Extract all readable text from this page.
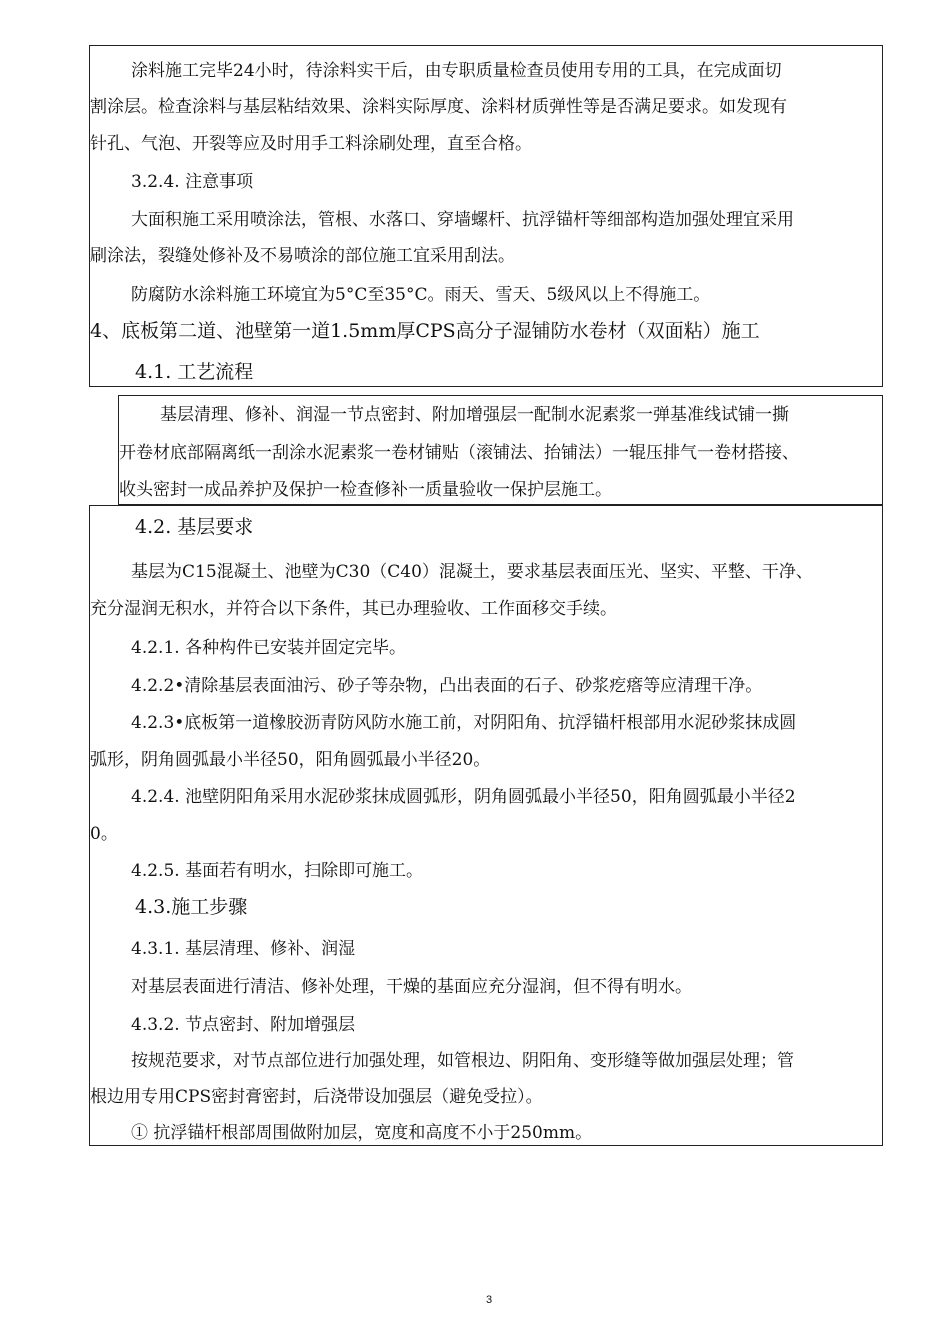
涂料施工完毕24小时，待涂料实干后，由专职质量检查员使用专用的工具，在完成面切
割涂层。检查涂料与基层粘结效果、涂料实际厚度、涂料材质弹性等是否满足要求。如发现有
针孔、气泡、开裂等应及时用手工料涂刷处理，直至合格。
3.2.4. 注意事项
大面积施工采用喷涂法，管根、水落口、穿墙螺杆、抗浮锚杆等细部构造加强处理宜采用
刷涂法，裂缝处修补及不易喷涂的部位施工宜采用刮法。
防腐防水涂料施工环境宜为5°C至35°C。雨天、雪天、5级风以上不得施工。
4、底板第二道、池壁第一道1.5mm厚CPS高分子湿铺防水卷材（双面粘）施工
4.1. 工艺流程
基层清理、修补、润湿一节点密封、附加增强层一配制水泥素浆一弹基准线试铺一撕
开卷材底部隔离纸一刮涂水泥素浆一卷材铺贴（滚铺法、抬铺法）一辊压排气一卷材搭接、
收头密封一成品养护及保护一检查修补一质量验收一保护层施工。
4.2. 基层要求
基层为C15混凝土、池壁为C30（C40）混凝土，要求基层表面压光、坚实、平整、干净、
充分湿润无积水，并符合以下条件，其已办理验收、工作面移交手续。
4.2.1. 各种构件已安装并固定完毕。
4.2.2•清除基层表面油污、砂子等杂物，凸出表面的石子、砂浆疙瘩等应清理干净。
4.2.3•底板第一道橡胶沥青防风防水施工前，对阴阳角、抗浮锚杆根部用水泥砂浆抹成圆
弧形，阴角圆弧最小半径50，阳角圆弧最小半径20。
4.2.4. 池壁阴阳角采用水泥砂浆抹成圆弧形，阴角圆弧最小半径50，阳角圆弧最小半径2
0。
4.2.5. 基面若有明水，扫除即可施工。
4.3.施工步骤
4.3.1. 基层清理、修补、润湿
对基层表面进行清洁、修补处理，干燥的基面应充分湿润，但不得有明水。
4.3.2. 节点密封、附加增强层
按规范要求，对节点部位进行加强处理，如管根边、阴阳角、变形缝等做加强层处理；管
根边用专用CPS密封膏密封，后浇带设加强层（避免受拉）。
① 抗浮锚杆根部周围做附加层，宽度和高度不小于250mm。
3
